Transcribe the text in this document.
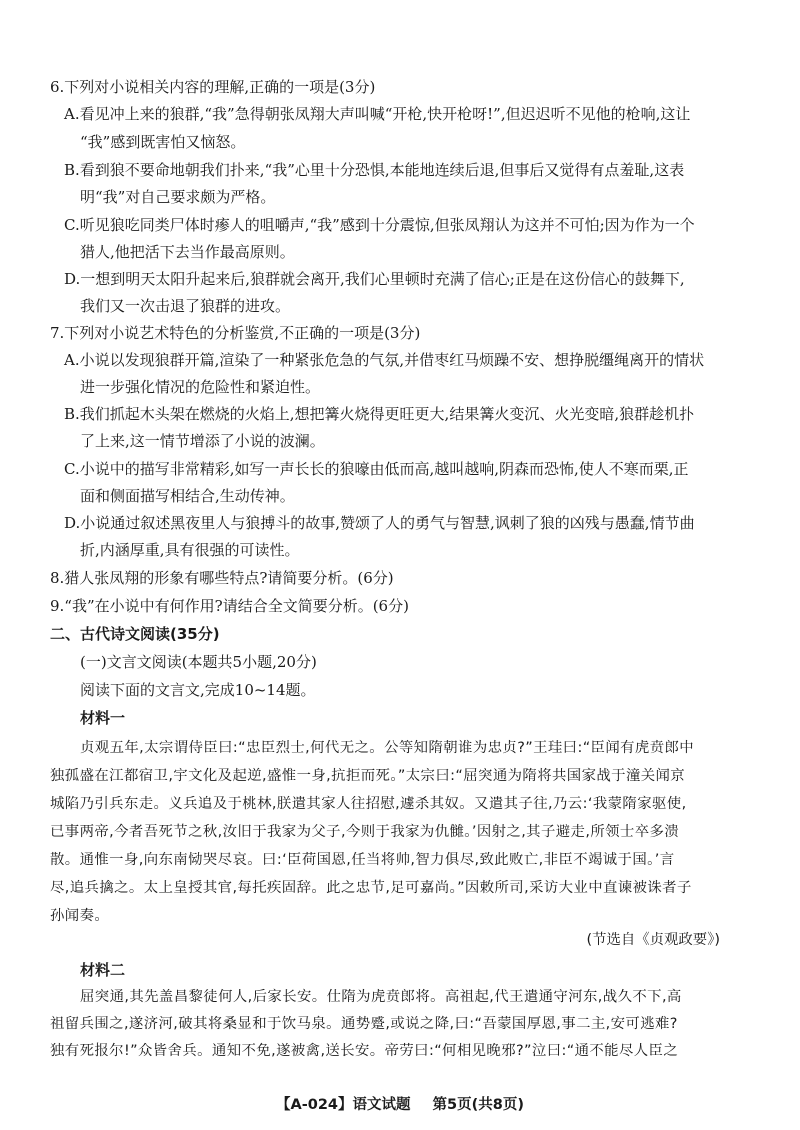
6.下列对小说相关内容的理解,正确的一项是(3分)
A.看见冲上来的狼群,“我”急得朝张凤翔大声叫喊“开枪,快开枪呀!”,但迟迟听不见他的枪响,这让
“我”感到既害怕又恼怒。
B.看到狼不要命地朝我们扑来,“我”心里十分恐惧,本能地连续后退,但事后又觉得有点羞耻,这表
明“我”对自己要求颇为严格。
C.听见狼吃同类尸体时瘆人的咀嚼声,“我”感到十分震惊,但张凤翔认为这并不可怕;因为作为一个
猎人,他把活下去当作最高原则。
D.一想到明天太阳升起来后,狼群就会离开,我们心里顿时充满了信心;正是在这份信心的鼓舞下,
我们又一次击退了狼群的进攻。
7.下列对小说艺术特色的分析鉴赏,不正确的一项是(3分)
A.小说以发现狼群开篇,渲染了一种紧张危急的气氛,并借枣红马烦躁不安、想挣脱缰绳离开的情状
进一步强化情况的危险性和紧迫性。
B.我们抓起木头架在燃烧的火焰上,想把篝火烧得更旺更大,结果篝火变沉、火光变暗,狼群趁机扑
了上来,这一情节增添了小说的波澜。
C.小说中的描写非常精彩,如写一声长长的狼嚎由低而高,越叫越响,阴森而恐怖,使人不寒而栗,正
面和侧面描写相结合,生动传神。
D.小说通过叙述黑夜里人与狼搏斗的故事,赞颂了人的勇气与智慧,讽刺了狼的凶残与愚蠢,情节曲
折,内涵厚重,具有很强的可读性。
8.猎人张凤翔的形象有哪些特点?请简要分析。(6分)
9.“我”在小说中有何作用?请结合全文简要分析。(6分)
二、古代诗文阅读(35分)
(一)文言文阅读(本题共5小题,20分)
阅读下面的文言文,完成10~14题。
材料一
贞观五年,太宗谓侍臣曰:“忠臣烈士,何代无之。公等知隋朝谁为忠贞?”王珪曰:“臣闻有虎贲郎中
独孤盛在江都宿卫,宇文化及起逆,盛惟一身,抗拒而死。”太宗曰:“屈突通为隋将共国家战于潼关闻京
城陷乃引兵东走。义兵追及于桃林,朕遣其家人往招慰,遽杀其奴。又遣其子往,乃云:‘我蒙隋家驱使,
已事两帝,今者吾死节之秋,汝旧于我家为父子,今则于我家为仇雠。’因射之,其子避走,所领士卒多溃
散。通惟一身,向东南恸哭尽哀。曰:‘臣荷国恩,任当将帅,智力俱尽,致此败亡,非臣不竭诚于国。’言
尽,追兵擒之。太上皇授其官,每托疾固辞。此之忠节,足可嘉尚。”因敕所司,采访大业中直谏被诛者子
孙闻奏。
(节选自《贞观政要》)
材料二
屈突通,其先盖昌黎徒何人,后家长安。仕隋为虎贲郎将。高祖起,代王遣通守河东,战久不下,高
祖留兵围之,遂济河,破其将桑显和于饮马泉。通势蹙,或说之降,曰:“吾蒙国厚恩,事二主,安可逃难?
独有死报尔!”众皆舍兵。通知不免,遂被禽,送长安。帝劳曰:“何相见晚邪?”泣曰:“通不能尽人臣之
【A-024】语文试题 第5页(共8页)
